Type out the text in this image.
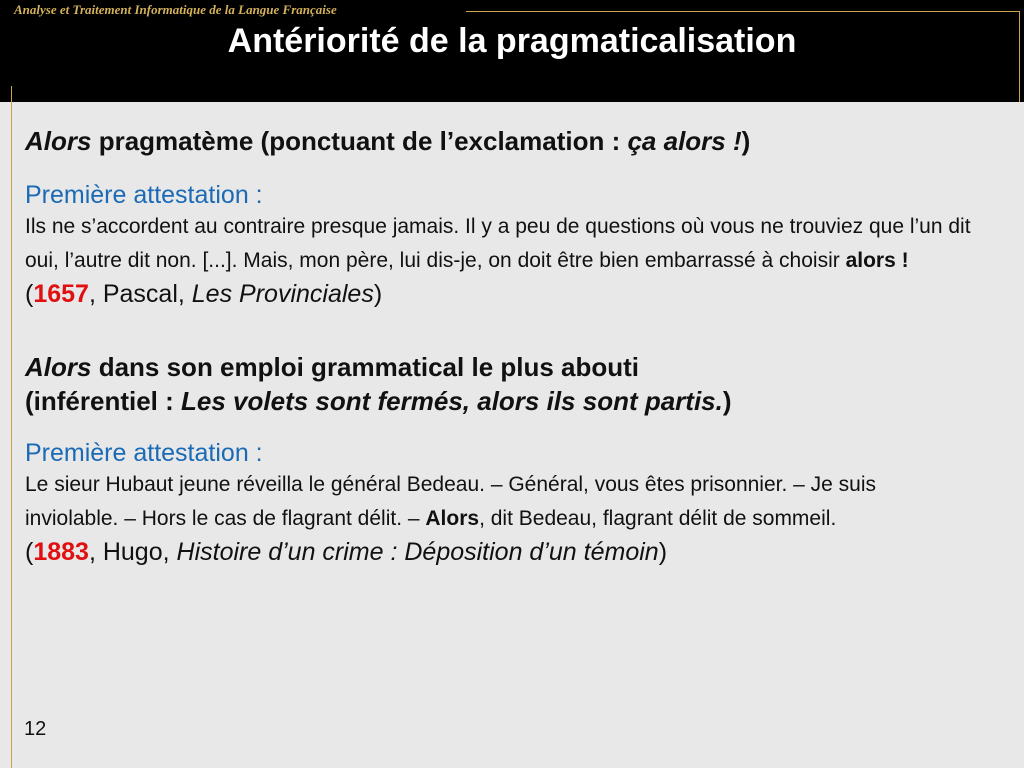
Analyse et Traitement Informatique de la Langue Française
Antériorité de la pragmaticalisation

Alors pragmatème (ponctuant de l’exclamation : ça alors !)

Première attestation :

Ils ne s’accordent au contraire presque jamais. Il y a peu de questions où vous ne trouviez que l’un dit oui, l’autre dit non. [...]. Mais, mon père, lui dis-je, on doit être bien embarrassé à choisir alors !

(1657, Pascal, Les Provinciales)

Alors dans son emploi grammatical le plus abouti
(inférentiel : Les volets sont fermés, alors ils sont partis.)

Première attestation :

Le sieur Hubaut jeune réveilla le général Bedeau. – Général, vous êtes prisonnier. – Je suis inviolable. – Hors le cas de flagrant délit. – Alors, dit Bedeau, flagrant délit de sommeil.

(1883, Hugo, Histoire d’un crime : Déposition d’un témoin)

12
